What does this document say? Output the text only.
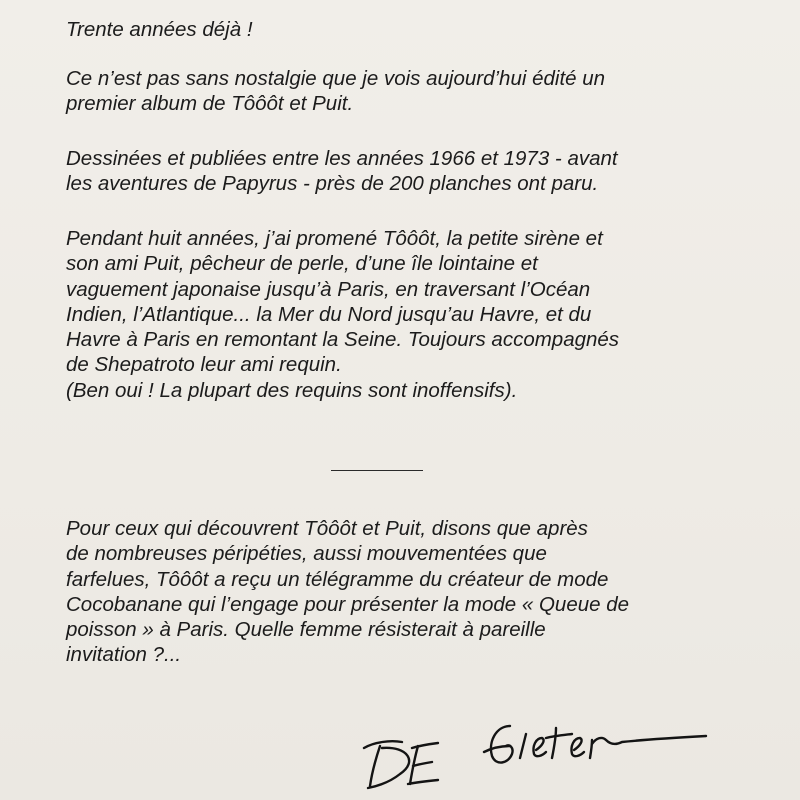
Trente années déjà !
Ce n’est pas sans nostalgie que je vois aujourd’hui édité un
premier album de Tôôôt et Puit.
Dessinées et publiées entre les années 1966 et 1973 - avant
les aventures de Papyrus - près de 200 planches ont paru.
Pendant huit années, j’ai promené Tôôôt, la petite sirène et
son ami Puit, pêcheur de perle, d’une île lointaine et
vaguement japonaise jusqu’à Paris, en traversant l’Océan
Indien, l’Atlantique... la Mer du Nord jusqu’au Havre, et du
Havre à Paris en remontant la Seine. Toujours accompagnés
de Shepatroto leur ami requin.
(Ben oui ! La plupart des requins sont inoffensifs).
Pour ceux qui découvrent Tôôôt et Puit, disons que après
de nombreuses péripéties, aussi mouvementées que
farfelues, Tôôôt a reçu un télégramme du créateur de mode
Cocobanane qui l’engage pour présenter la mode « Queue de
poisson » à Paris. Quelle femme résisterait à pareille
invitation ?...
